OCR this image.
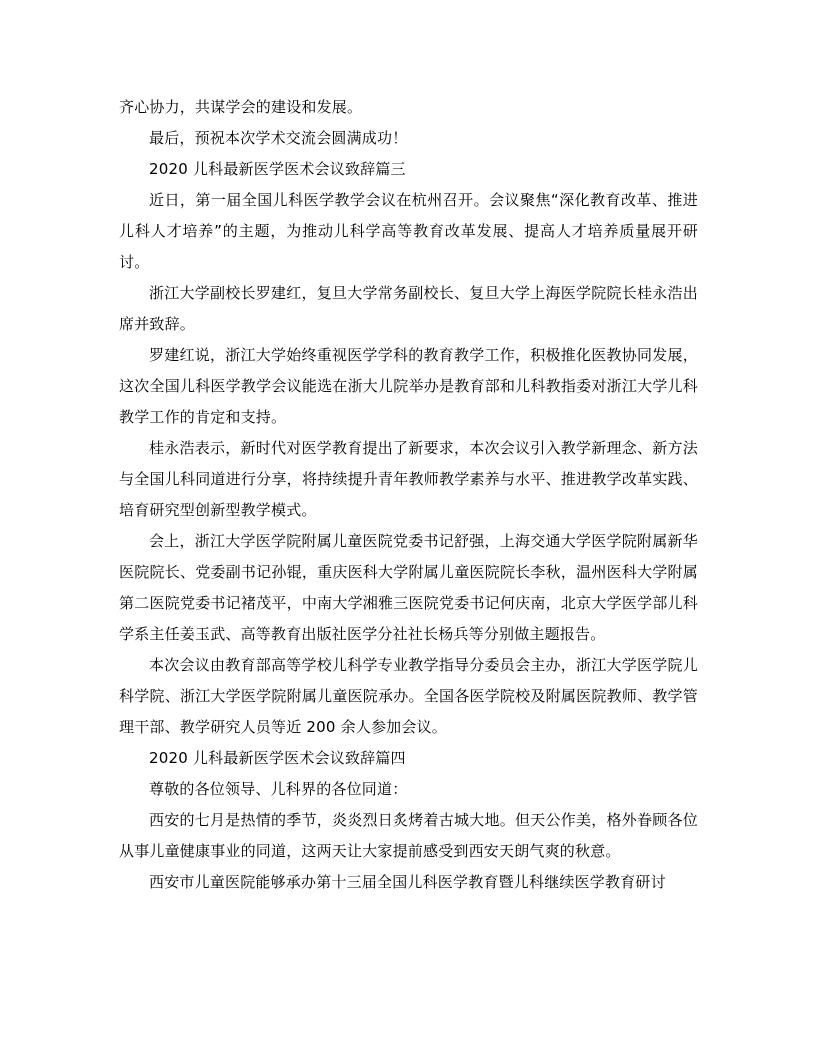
齐心协力，共谋学会的建设和发展。

最后，预祝本次学术交流会圆满成功！

2020 儿科最新医学医术会议致辞篇三

近日，第一届全国儿科医学教学会议在杭州召开。会议聚焦“深化教育改革、推进儿科人才培养”的主题，为推动儿科学高等教育改革发展、提高人才培养质量展开研讨。

浙江大学副校长罗建红，复旦大学常务副校长、复旦大学上海医学院院长桂永浩出席并致辞。

罗建红说，浙江大学始终重视医学学科的教育教学工作，积极推化医教协同发展，这次全国儿科医学教学会议能选在浙大儿院举办是教育部和儿科教指委对浙江大学儿科教学工作的肯定和支持。

桂永浩表示，新时代对医学教育提出了新要求，本次会议引入教学新理念、新方法与全国儿科同道进行分享，将持续提升青年教师教学素养与水平、推进教学改革实践、培育研究型创新型教学模式。

会上，浙江大学医学院附属儿童医院党委书记舒强，上海交通大学医学院附属新华医院院长、党委副书记孙锟，重庆医科大学附属儿童医院院长李秋，温州医科大学附属第二医院党委书记褚茂平，中南大学湘雅三医院党委书记何庆南，北京大学医学部儿科学系主任姜玉武、高等教育出版社医学分社社长杨兵等分别做主题报告。

本次会议由教育部高等学校儿科学专业教学指导分委员会主办，浙江大学医学院儿科学院、浙江大学医学院附属儿童医院承办。全国各医学院校及附属医院教师、教学管理干部、教学研究人员等近 200 余人参加会议。

2020 儿科最新医学医术会议致辞篇四

尊敬的各位领导、儿科界的各位同道：

西安的七月是热情的季节，炎炎烈日炙烤着古城大地。但天公作美，格外眷顾各位从事儿童健康事业的同道，这两天让大家提前感受到西安天朗气爽的秋意。

西安市儿童医院能够承办第十三届全国儿科医学教育暨儿科继续医学教育研讨
